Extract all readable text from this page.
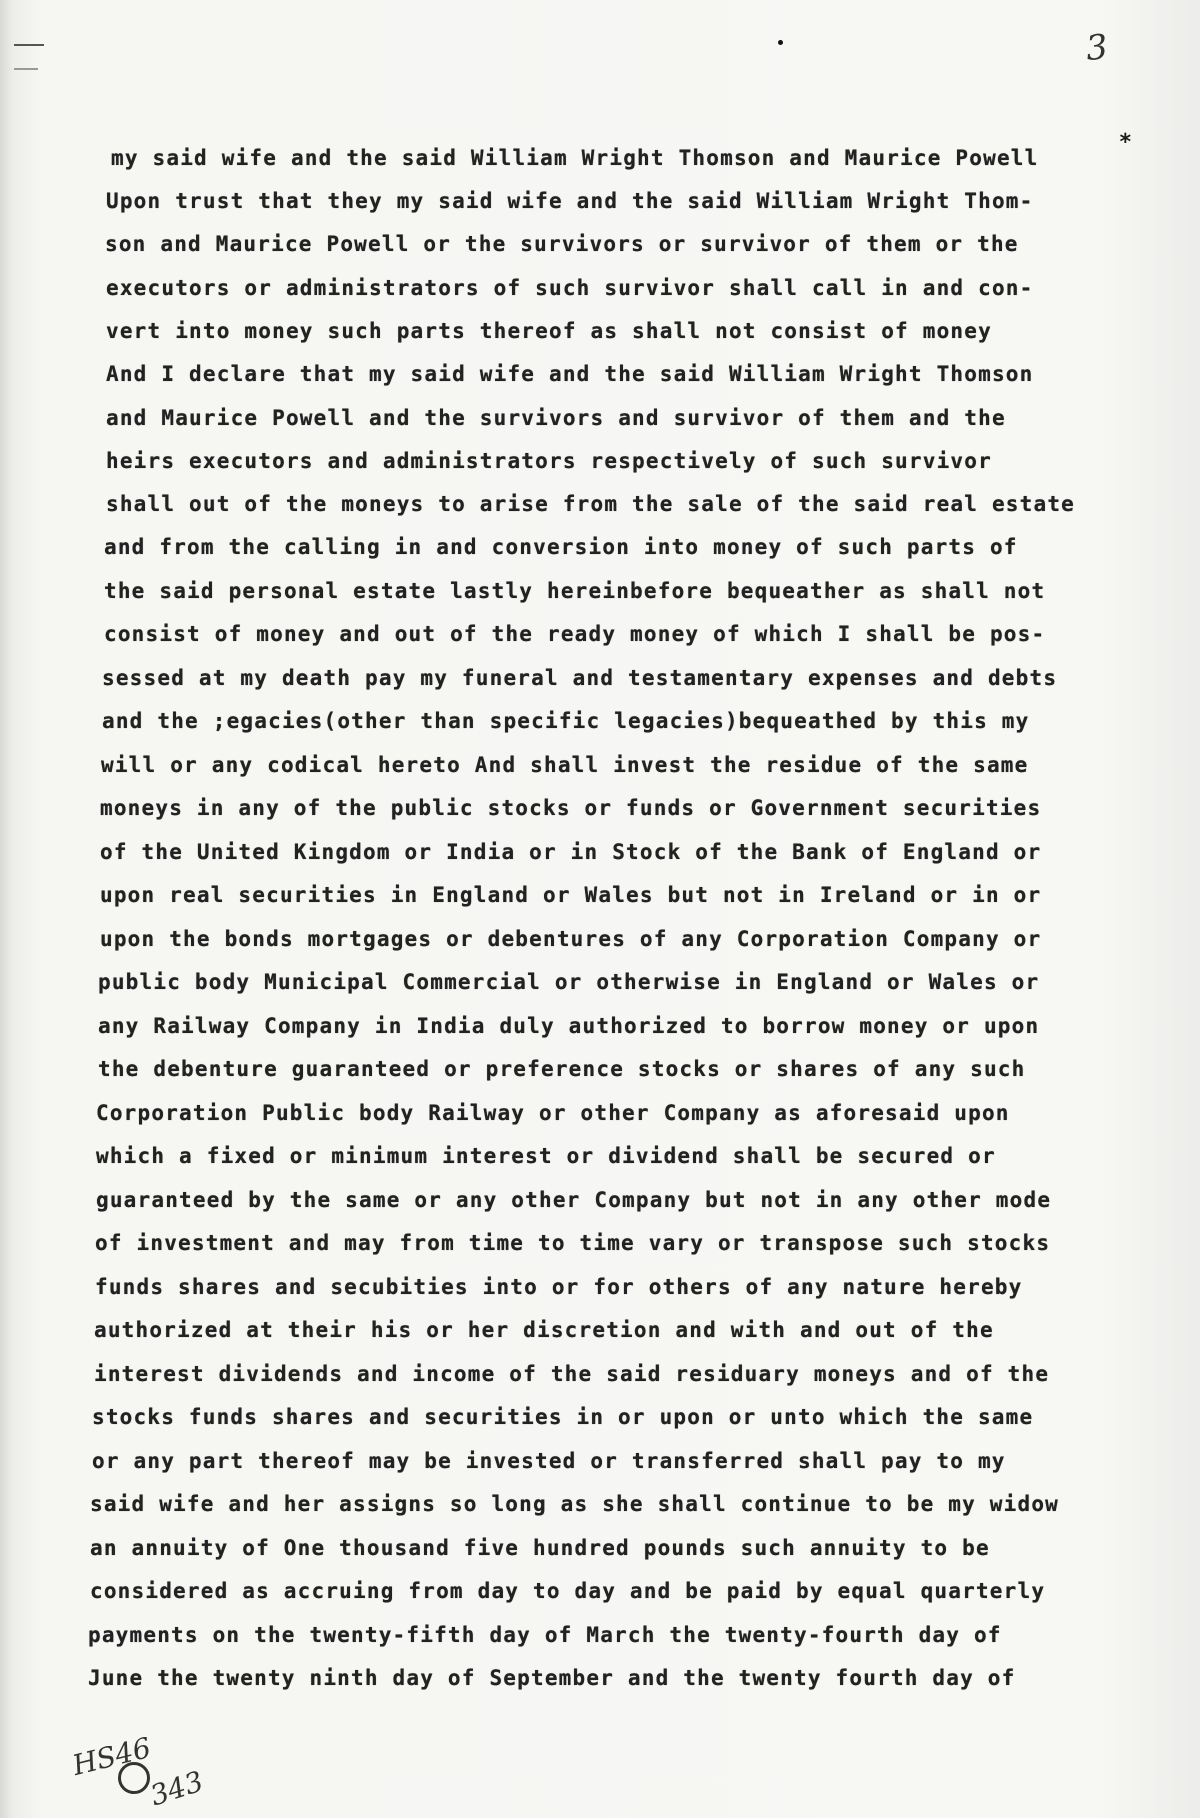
3
*
my said wife and the said William Wright Thomson and Maurice Powell
Upon trust that they my said wife and the said William Wright Thom-
son and Maurice Powell or the survivors or survivor of them or the
executors or administrators of such survivor shall call in and con-
vert into money such parts thereof as shall not consist of money
And I declare that my said wife and the said William Wright Thomson
and Maurice Powell and the survivors and survivor of them and the
heirs executors and administrators respectively of such survivor
shall out of the moneys to arise from the sale of the said real estate
and from the calling in and conversion into money of such parts of
the said personal estate lastly hereinbefore bequeather as shall not
consist of money and out of the ready money of which I shall be pos-
sessed at my death pay my funeral and testamentary expenses and debts
and the ;egacies(other than specific legacies)bequeathed by this my
will or any codical hereto And shall invest the residue of the same
moneys in any of the public stocks or funds or Government securities
of the United Kingdom or India or in Stock of the Bank of England or
upon real securities in England or Wales but not in Ireland or in or
upon the bonds mortgages or debentures of any Corporation Company or
public body Municipal Commercial or otherwise in England or Wales or
any Railway Company in India duly authorized to borrow money or upon
the debenture guaranteed or preference stocks or shares of any such
Corporation Public body Railway or other Company as aforesaid upon
which a fixed or minimum interest or dividend shall be secured or
guaranteed by the same or any other Company but not in any other mode
of investment and may from time to time vary or transpose such stocks
funds shares and secubities into or for others of any nature hereby
authorized at their his or her discretion and with and out of the
interest dividends and income of the said residuary moneys and of the
stocks funds shares and securities in or upon or unto which the same
or any part thereof may be invested or transferred shall pay to my
said wife and her assigns so long as she shall continue to be my widow
an annuity of One thousand five hundred pounds such annuity to be
considered as accruing from day to day and be paid by equal quarterly
payments on the twenty-fifth day of March the twenty-fourth day of
June the twenty ninth day of September and the twenty fourth day of
HS46
343
